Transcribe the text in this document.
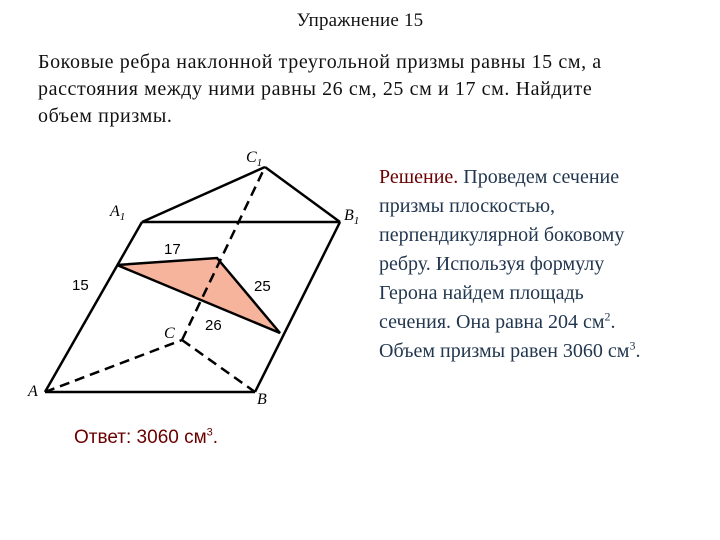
Упражнение 15
Боковые ребра наклонной треугольной призмы равны 15 см, а
расстояния между ними равны 26 см, 25 см и 17 см. Найдите
объем призмы.
$C_1$
$A_1$	$B_1$
C
A	B
15
17
25
26
Решение. Проведем сечение
призмы плоскостью,
перпендикулярной боковому
ребру. Используя формулу
Герона найдем площадь
сечения. Она равна 204 $см^2$.
Объем призмы равен 3060 $см^3$.
Ответ: 3060 $см^3$.
